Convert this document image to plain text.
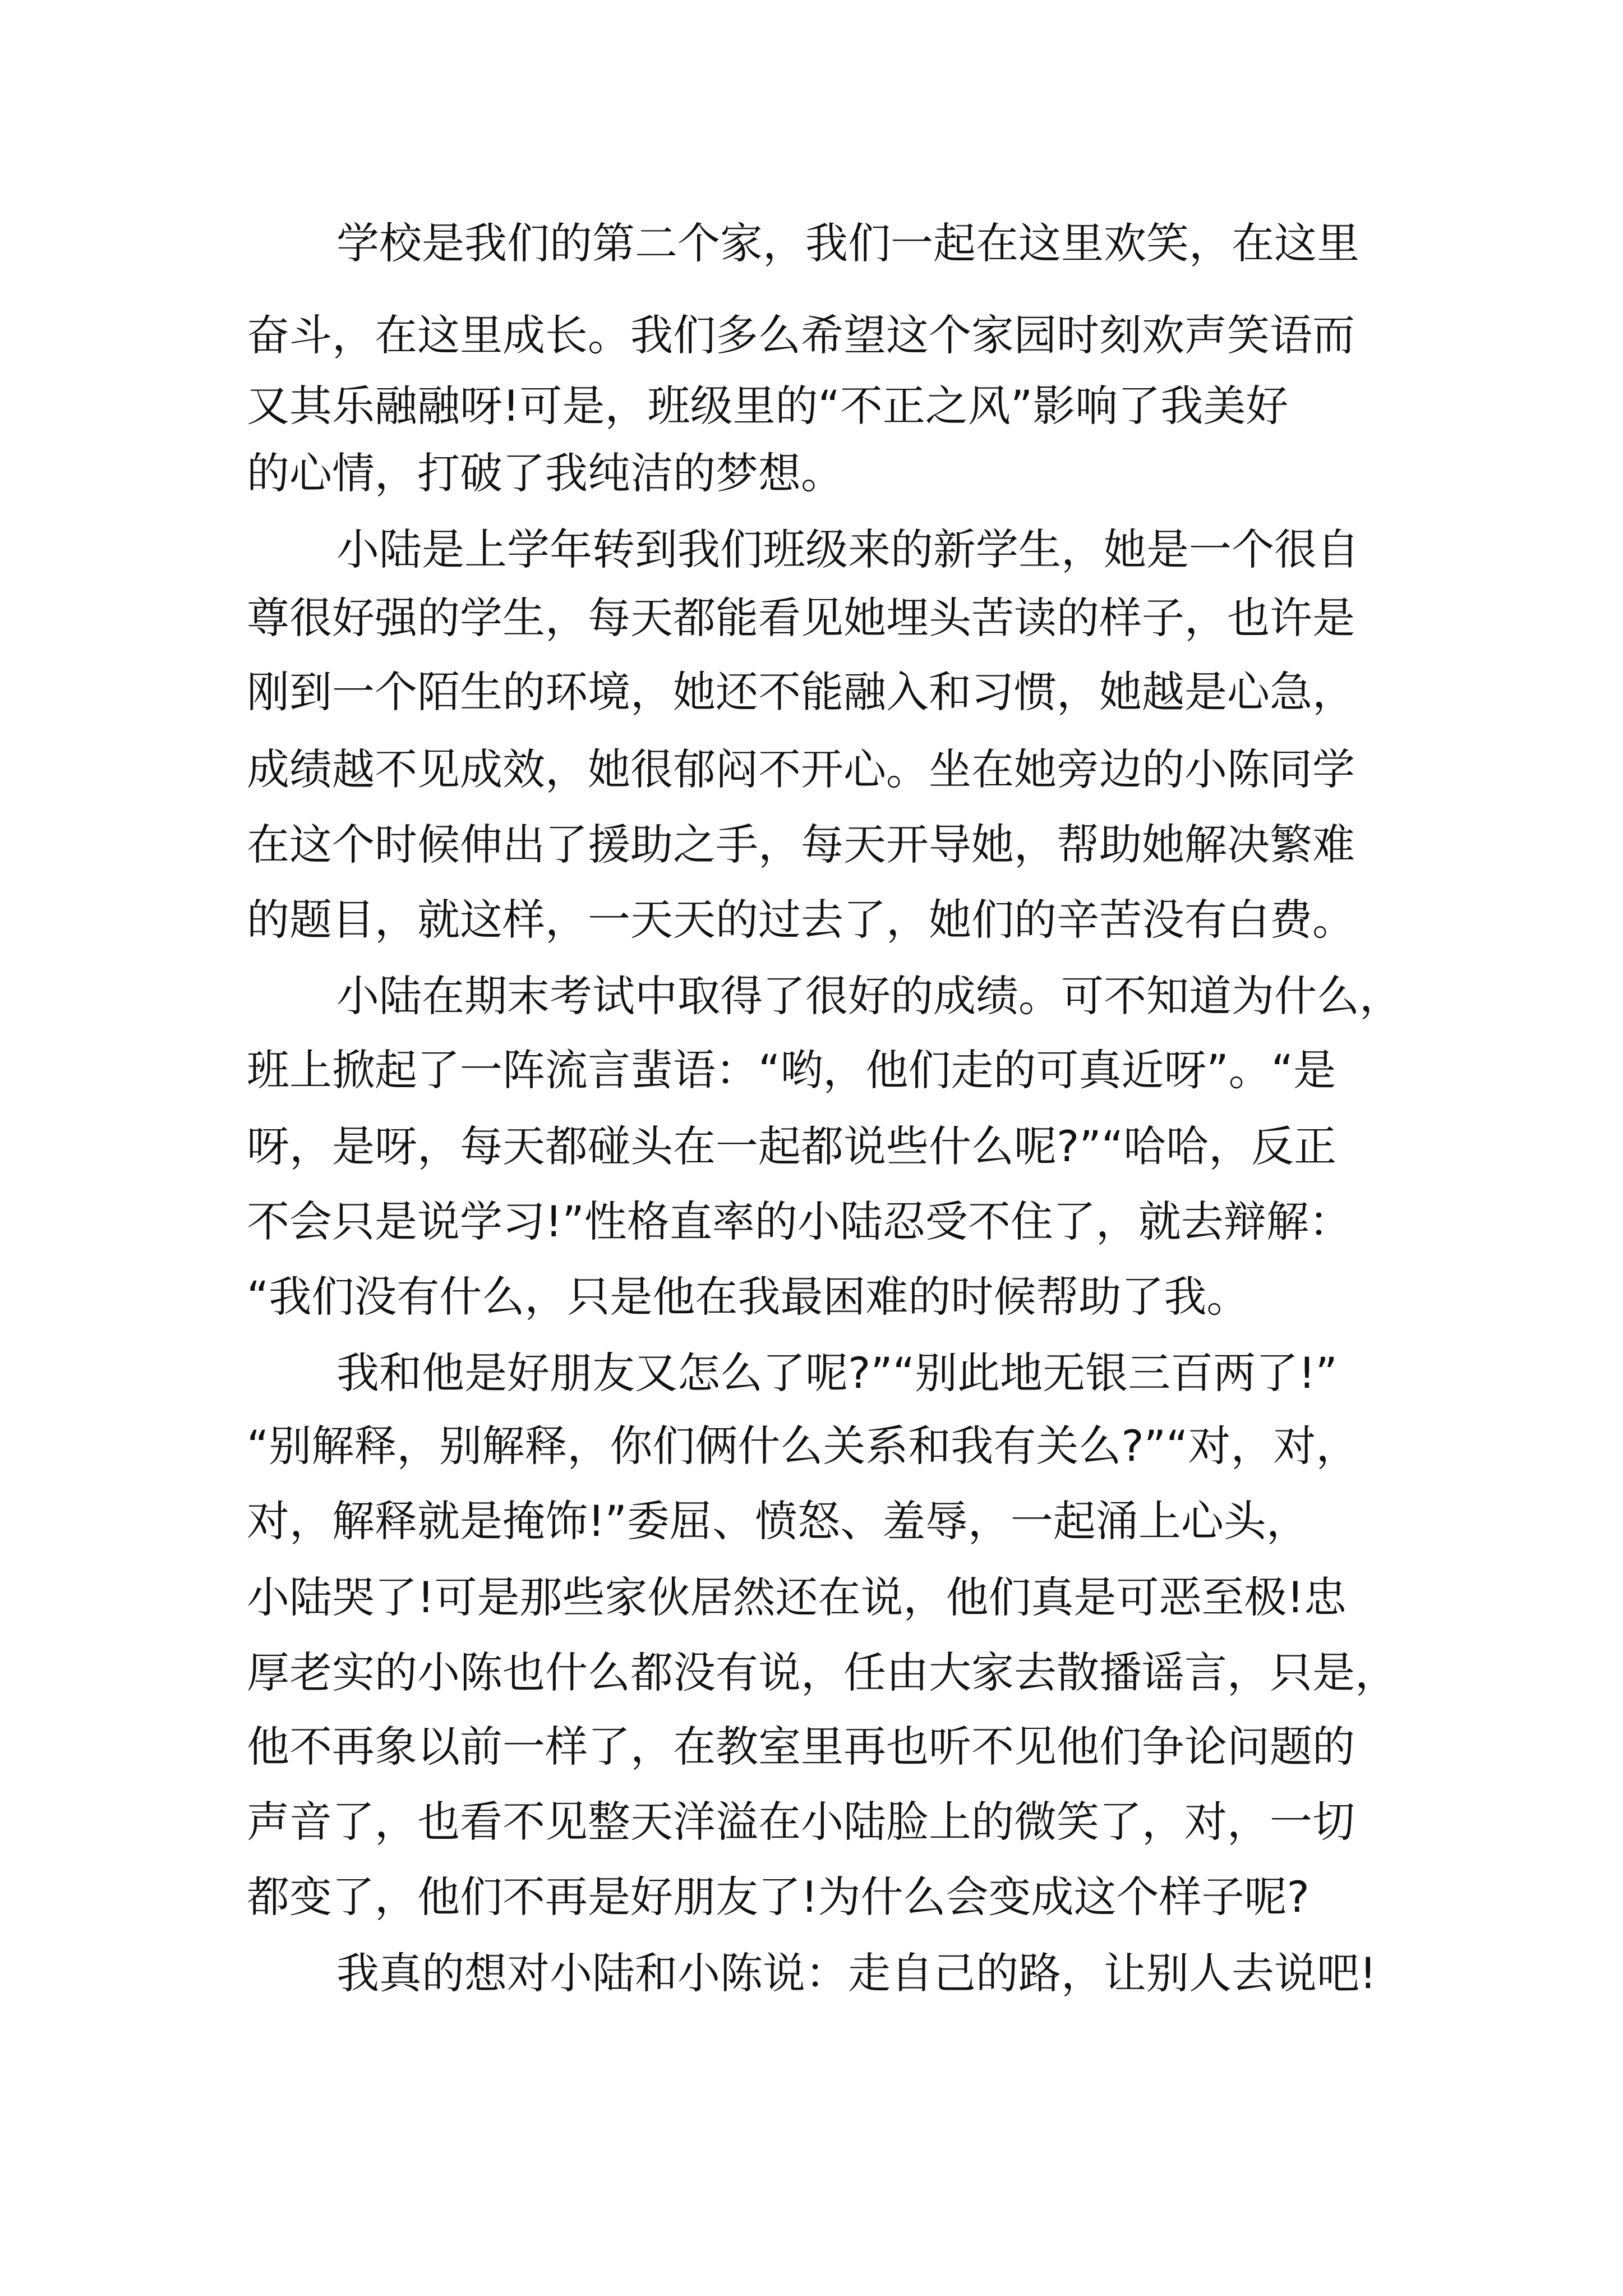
学校是我们的第二个家，我们一起在这里欢笑，在这里

奋斗，在这里成长。我们多么希望这个家园时刻欢声笑语而

又其乐融融呀!可是，班级里的“不正之风”影响了我美好

的心情，打破了我纯洁的梦想。

小陆是上学年转到我们班级来的新学生，她是一个很自

尊很好强的学生，每天都能看见她埋头苦读的样子，也许是

刚到一个陌生的环境，她还不能融入和习惯，她越是心急，

成绩越不见成效，她很郁闷不开心。坐在她旁边的小陈同学

在这个时候伸出了援助之手，每天开导她，帮助她解决繁难

的题目，就这样，一天天的过去了，她们的辛苦没有白费。

小陆在期末考试中取得了很好的成绩。可不知道为什么，

班上掀起了一阵流言蜚语：“哟，他们走的可真近呀”。“是

呀，是呀，每天都碰头在一起都说些什么呢?”“哈哈，反正

不会只是说学习!”性格直率的小陆忍受不住了，就去辩解：

“我们没有什么，只是他在我最困难的时候帮助了我。

我和他是好朋友又怎么了呢?”“别此地无银三百两了!”

“别解释，别解释，你们俩什么关系和我有关么?”“对，对，

对，解释就是掩饰!”委屈、愤怒、羞辱，一起涌上心头，

小陆哭了!可是那些家伙居然还在说，他们真是可恶至极!忠

厚老实的小陈也什么都没有说，任由大家去散播谣言，只是，

他不再象以前一样了，在教室里再也听不见他们争论问题的

声音了，也看不见整天洋溢在小陆脸上的微笑了，对，一切

都变了，他们不再是好朋友了!为什么会变成这个样子呢?

我真的想对小陆和小陈说：走自己的路，让别人去说吧!
